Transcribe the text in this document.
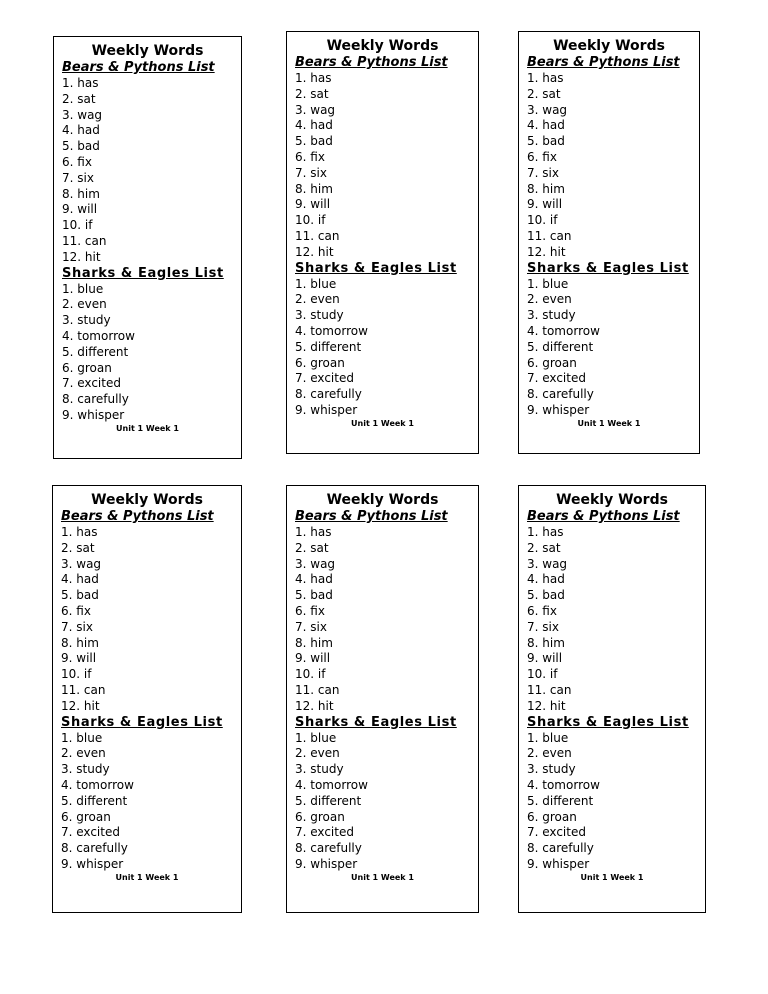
Weekly Words
Bears & Pythons List
1. has
2. sat
3. wag
4. had
5. bad
6. fix
7. six
8. him
9. will
10. if
11. can
12. hit
Sharks & Eagles List
1. blue
2. even
3. study
4. tomorrow
5. different
6. groan
7. excited
8. carefully
9. whisper
Unit 1 Week 1
Weekly Words
Bears & Pythons List
1. has
2. sat
3. wag
4. had
5. bad
6. fix
7. six
8. him
9. will
10. if
11. can
12. hit
Sharks & Eagles List
1. blue
2. even
3. study
4. tomorrow
5. different
6. groan
7. excited
8. carefully
9. whisper
Unit 1 Week 1
Weekly Words
Bears & Pythons List
1. has
2. sat
3. wag
4. had
5. bad
6. fix
7. six
8. him
9. will
10. if
11. can
12. hit
Sharks & Eagles List
1. blue
2. even
3. study
4. tomorrow
5. different
6. groan
7. excited
8. carefully
9. whisper
Unit 1 Week 1
Weekly Words
Bears & Pythons List
1. has
2. sat
3. wag
4. had
5. bad
6. fix
7. six
8. him
9. will
10. if
11. can
12. hit
Sharks & Eagles List
1. blue
2. even
3. study
4. tomorrow
5. different
6. groan
7. excited
8. carefully
9. whisper
Unit 1 Week 1
Weekly Words
Bears & Pythons List
1. has
2. sat
3. wag
4. had
5. bad
6. fix
7. six
8. him
9. will
10. if
11. can
12. hit
Sharks & Eagles List
1. blue
2. even
3. study
4. tomorrow
5. different
6. groan
7. excited
8. carefully
9. whisper
Unit 1 Week 1
Weekly Words
Bears & Pythons List
1. has
2. sat
3. wag
4. had
5. bad
6. fix
7. six
8. him
9. will
10. if
11. can
12. hit
Sharks & Eagles List
1. blue
2. even
3. study
4. tomorrow
5. different
6. groan
7. excited
8. carefully
9. whisper
Unit 1 Week 1
